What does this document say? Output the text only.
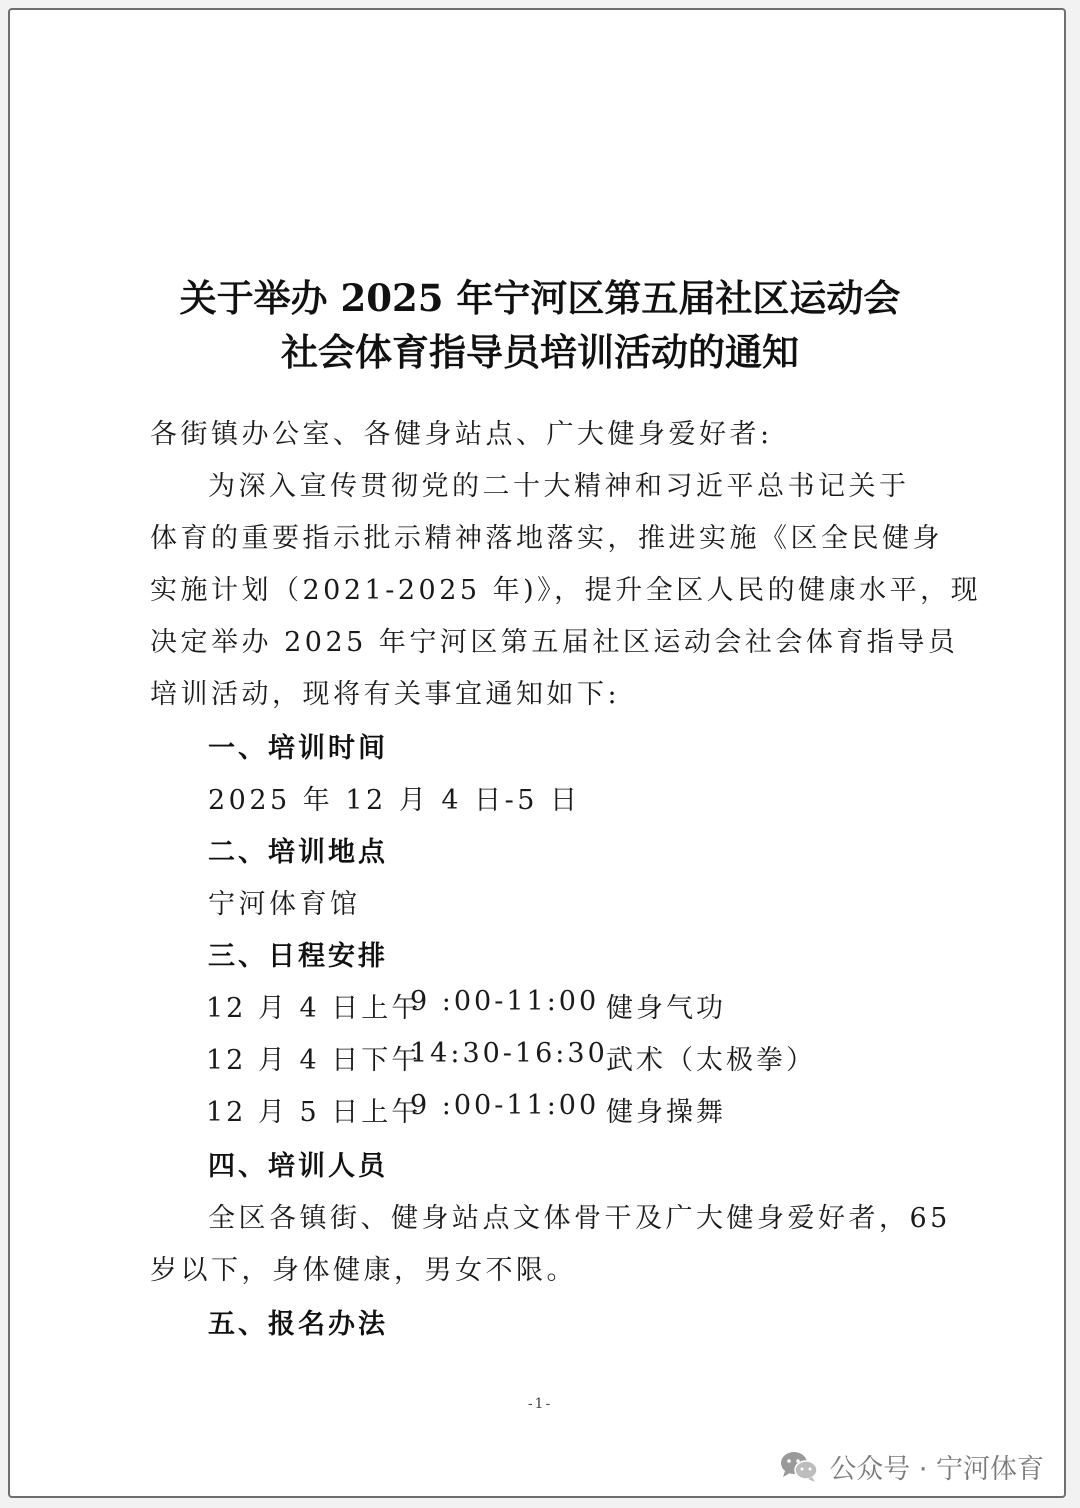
关于举办 2025 年宁河区第五届社区运动会
社会体育指导员培训活动的通知
各街镇办公室、各健身站点、广大健身爱好者:
为深入宣传贯彻党的二十大精神和习近平总书记关于
体育的重要指示批示精神落地落实，推进实施《区全民健身
实施计划（2021-2025 年)》，提升全区人民的健康水平，现
决定举办 2025 年宁河区第五届社区运动会社会体育指导员
培训活动，现将有关事宜通知如下:
一、培训时间
2025 年 12 月 4 日-5 日
二、培训地点
宁河体育馆
三、日程安排
12 月 4 日上午
9 :00-11:00 健身气功
12 月 4 日下午
14:30-16:30
武术（太极拳）
12 月 5 日上午
9 :00-11:00 健身操舞
四、培训人员
全区各镇街、健身站点文体骨干及广大健身爱好者，65
岁以下，身体健康，男女不限。
五、报名办法
-1-
公众号 · 宁河体育
